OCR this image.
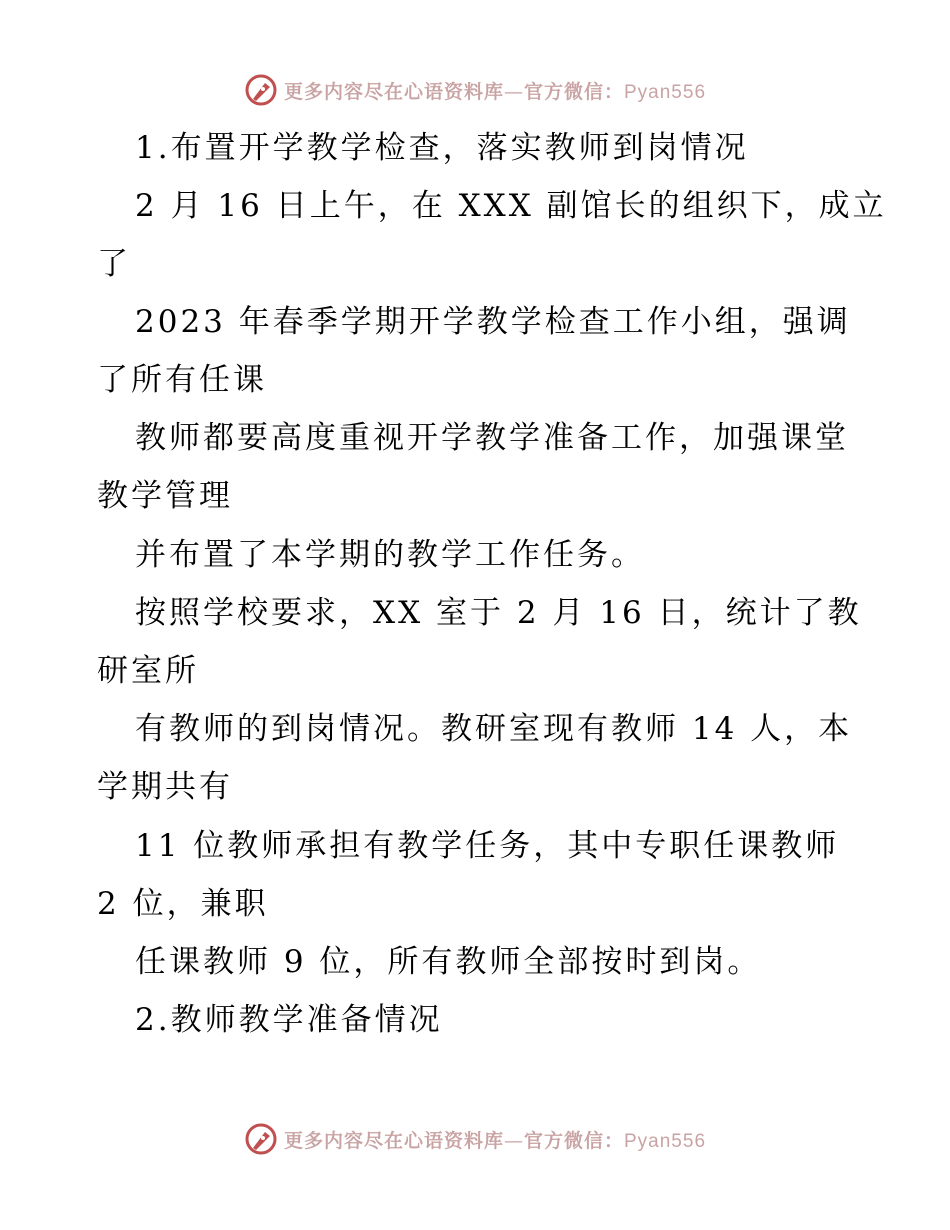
更多内容尽在心语资料库—官方微信：Pyan556
1.布置开学教学检查，落实教师到岗情况
2 月 16 日上午，在 XXX 副馆长的组织下，成立
了
2023 年春季学期开学教学检查工作小组，强调
了所有任课
教师都要高度重视开学教学准备工作，加强课堂
教学管理
并布置了本学期的教学工作任务。
按照学校要求，XX 室于 2 月 16 日，统计了教
研室所
有教师的到岗情况。教研室现有教师 14 人，本
学期共有
11 位教师承担有教学任务，其中专职任课教师
2 位，兼职
任课教师 9 位，所有教师全部按时到岗。
2.教师教学准备情况
更多内容尽在心语资料库—官方微信：Pyan556
